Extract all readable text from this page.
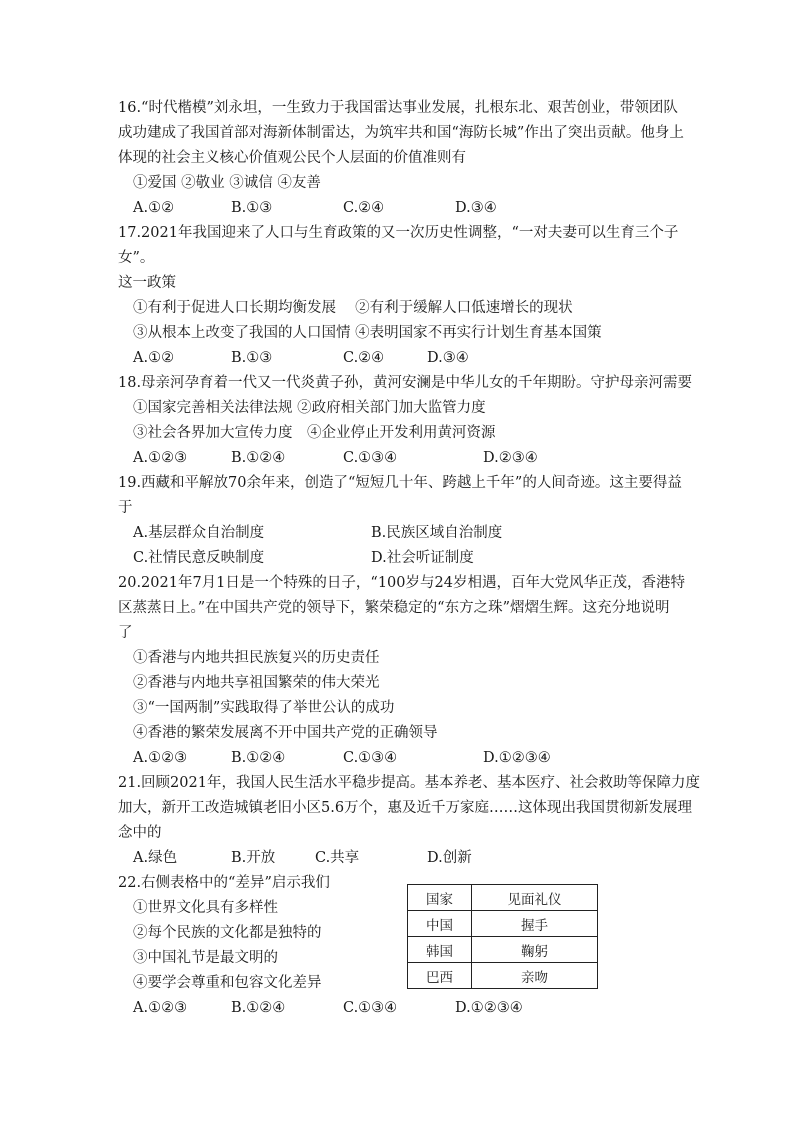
16.“时代楷模”刘永坦，一生致力于我国雷达事业发展，扎根东北、艰苦创业，带领团队
成功建成了我国首部对海新体制雷达，为筑牢共和国“海防长城”作出了突出贡献。他身上
体现的社会主义核心价值观公民个人层面的价值准则有
①爱国 ②敬业 ③诚信 ④友善
A.①②	B.①③	C.②④	D.③④
17.2021年我国迎来了人口与生育政策的又一次历史性调整，“一对夫妻可以生育三个子
女”。
这一政策
①有利于促进人口长期均衡发展　 ②有利于缓解人口低速增长的现状
③从根本上改变了我国的人口国情 ④表明国家不再实行计划生育基本国策
A.①②	B.①③	C.②④	D.③④
18.母亲河孕育着一代又一代炎黄子孙，黄河安澜是中华儿女的千年期盼。守护母亲河需要
①国家完善相关法律法规 ②政府相关部门加大监管力度
③社会各界加大宣传力度　④企业停止开发利用黄河资源
A.①②③	B.①②④	C.①③④	D.②③④
19.西藏和平解放70余年来，创造了“短短几十年、跨越上千年”的人间奇迹。这主要得益
于
A.基层群众自治制度	B.民族区域自治制度
C.社情民意反映制度	D.社会听证制度
20.2021年7月1日是一个特殊的日子，“100岁与24岁相遇，百年大党风华正茂，香港特
区蒸蒸日上。”在中国共产党的领导下，繁荣稳定的“东方之珠”熠熠生辉。这充分地说明
了
①香港与内地共担民族复兴的历史责任
②香港与内地共享祖国繁荣的伟大荣光
③“一国两制”实践取得了举世公认的成功
④香港的繁荣发展离不开中国共产党的正确领导
A.①②③	B.①②④	C.①③④	D.①②③④
21.回顾2021年，我国人民生活水平稳步提高。基本养老、基本医疗、社会救助等保障力度
加大，新开工改造城镇老旧小区5.6万个，惠及近千万家庭……这体现出我国贯彻新发展理
念中的
A.绿色	B.开放	C.共享	D.创新
22.右侧表格中的“差异”启示我们
①世界文化具有多样性
②每个民族的文化都是独特的
③中国礼节是最文明的
④要学会尊重和包容文化差异
A.①②③	B.①②④	C.①③④	D.①②③④
国家	见面礼仪
中国	握手
韩国	鞠躬
巴西	亲吻
